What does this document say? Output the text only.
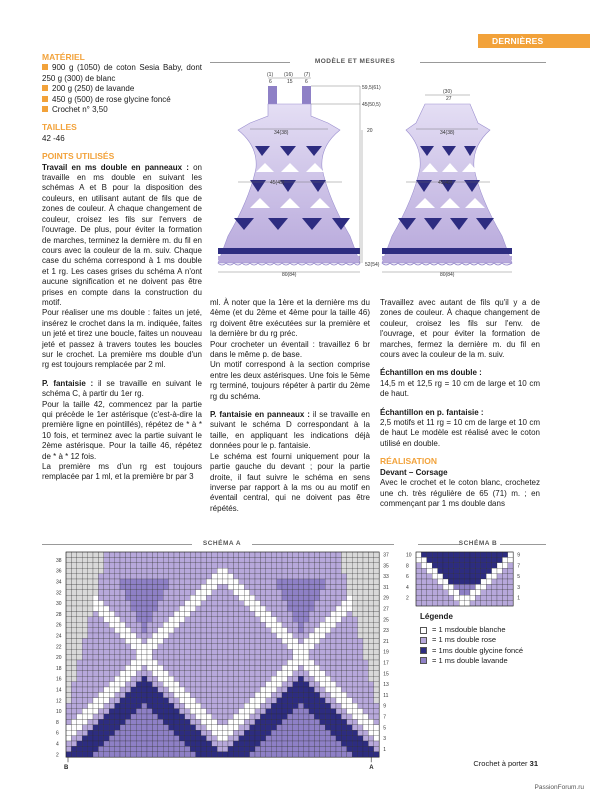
DERNIÈRES CHALEURS
MATÉRIEL

900 g (1050) de coton Sesia Baby, dont 250 g (300) de blanc

200 g (250) de lavande

450 g (500) de rose glycine foncé

Crochet n° 3,50

TAILLES

42 -46

POINTS UTILISÉS

Travail en ms double en panneaux : on travaille en ms double en suivant les schémas A et B pour la disposition des couleurs, en utilisant autant de fils que de zones de couleur. À chaque changement de couleur, croisez les fils sur l'envers de l'ouvrage. De plus, pour éviter la formation de marches, terminez la dernière m. du fil en cours avec la couleur de la m. suiv. Chaque case du schéma correspond à 1 ms double et 1 rg. Les cases grises du schéma A n'ont aucune signification et ne doivent pas être prises en compte dans la construction du motif.

Pour réaliser une ms double : faites un jeté, insérez le crochet dans la m. indiquée, faites un jeté et tirez une boucle, faites un nouveau jeté et passez à travers toutes les boucles sur le crochet. La première ms double d'un rg est toujours remplacée par 2 ml.

P. fantaisie : il se travaille en suivant le schéma C, à partir du 1er rg.

Pour la taille 42, commencez par la partie qui précède le 1er astérisque (c'est-à-dire la première ligne en pointillés), répétez de * à * 10 fois, et terminez avec la partie suivant le 2ème astérisque. Pour la taille 46, répétez de * à * 12 fois.

La première ms d'un rg est toujours remplacée par 1 ml, et la première br par 3

ml. À noter que la 1ère et la dernière ms du 4ème (et du 2ème et 4ème pour la taille 46) rg doivent être exécutées sur la première et la dernière br du rg préc.

Pour crocheter un éventail : travaillez 6 br dans le même p. de base.

Un motif correspond à la section comprise entre les deux astérisques. Une fois le 5ème rg terminé, toujours répéter à partir du 2ème rg du schéma.

P. fantaisie en panneaux : il se travaille en suivant le schéma D correspondant à la taille, en appliquant les indications déjà données pour le p. fantaisie.

Le schéma est fourni uniquement pour la partie gauche du devant ; pour la partie droite, il faut suivre le schéma en sens inverse par rapport à la ms ou au motif en éventail central, qui ne doivent pas être répétés.

Travaillez avec autant de fils qu'il y a de zones de couleur. À chaque changement de couleur, croisez les fils sur l'env. de l'ouvrage, et pour éviter la formation de marches, fermez la dernière m. du fil en cours avec la couleur de la m. suiv.

Échantillon en ms double :

14,5 m et 12,5 rg = 10 cm de large et 10 cm de haut.

Échantillon en p. fantaisie :

2,5 motifs et 11 rg = 10 cm de large et 10 cm de haut Le modèle est réalisé avec le coton utilisé en double.

RÉALISATION

Devant – Corsage

Avec le crochet et le coton blanc, crochetez une ch. très régulière de 65 (71) m. ; en commençant par 1 ms double dans

MODÈLE ET MESURES
(1) (16) (7)
6	15 6
59,5(61)
45(50,5)
34(38)	20
45(49)
80(84)
52(54)
(30)
27
34(38)
45(49)
80(84)
SCHÉMA A	SCHÉMA B
37
35
33
31
29
27
25
23
21
19
17
15
13
11
9
7
5
3
1
38
36
34
32
30
28
26
24
22
20
18
16
14
12
10
8
6
4
2
B	A
9
7
5
3
1
10
8
6
4
2
Légende
= 1 msdouble blanche
= 1 ms double rose
= 1ms double glycine foncé
= 1 ms double lavande
Crochet à porter 31
PassionForum.ru
